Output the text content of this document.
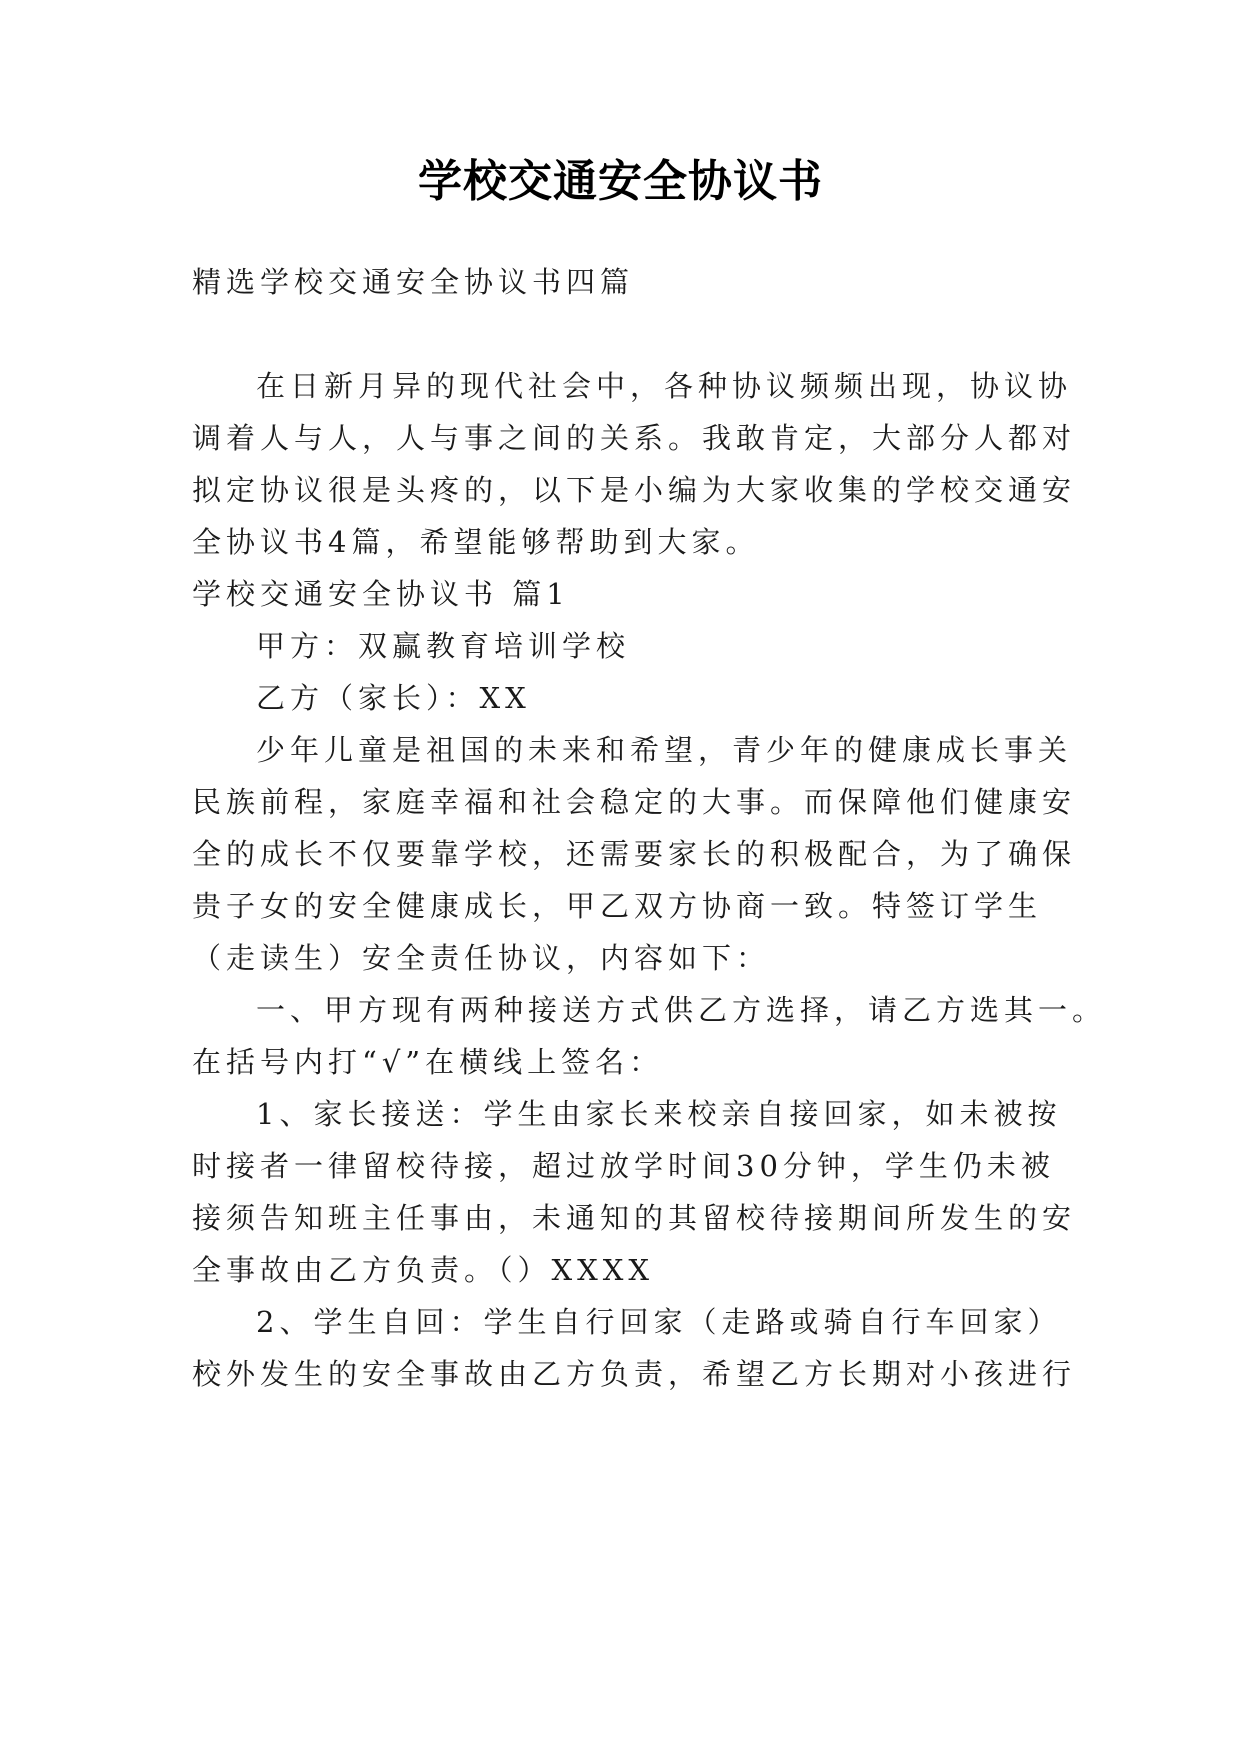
学校交通安全协议书
精选学校交通安全协议书四篇
在日新月异的现代社会中，各种协议频频出现，协议协
调着人与人，人与事之间的关系。我敢肯定，大部分人都对
拟定协议很是头疼的，以下是小编为大家收集的学校交通安
全协议书4篇，希望能够帮助到大家。
学校交通安全协议书 篇1
甲方：双赢教育培训学校
乙方（家长）：XX
少年儿童是祖国的未来和希望，青少年的健康成长事关
民族前程，家庭幸福和社会稳定的大事。而保障他们健康安
全的成长不仅要靠学校，还需要家长的积极配合，为了确保
贵子女的安全健康成长，甲乙双方协商一致。特签订学生
（走读生）安全责任协议，内容如下：
一、甲方现有两种接送方式供乙方选择，请乙方选其一。
在括号内打“√”在横线上签名：
1、家长接送：学生由家长来校亲自接回家，如未被按
时接者一律留校待接，超过放学时间30分钟，学生仍未被
接须告知班主任事由，未通知的其留校待接期间所发生的安
全事故由乙方负责。（）XXXX
2、学生自回：学生自行回家（走路或骑自行车回家）
校外发生的安全事故由乙方负责，希望乙方长期对小孩进行
